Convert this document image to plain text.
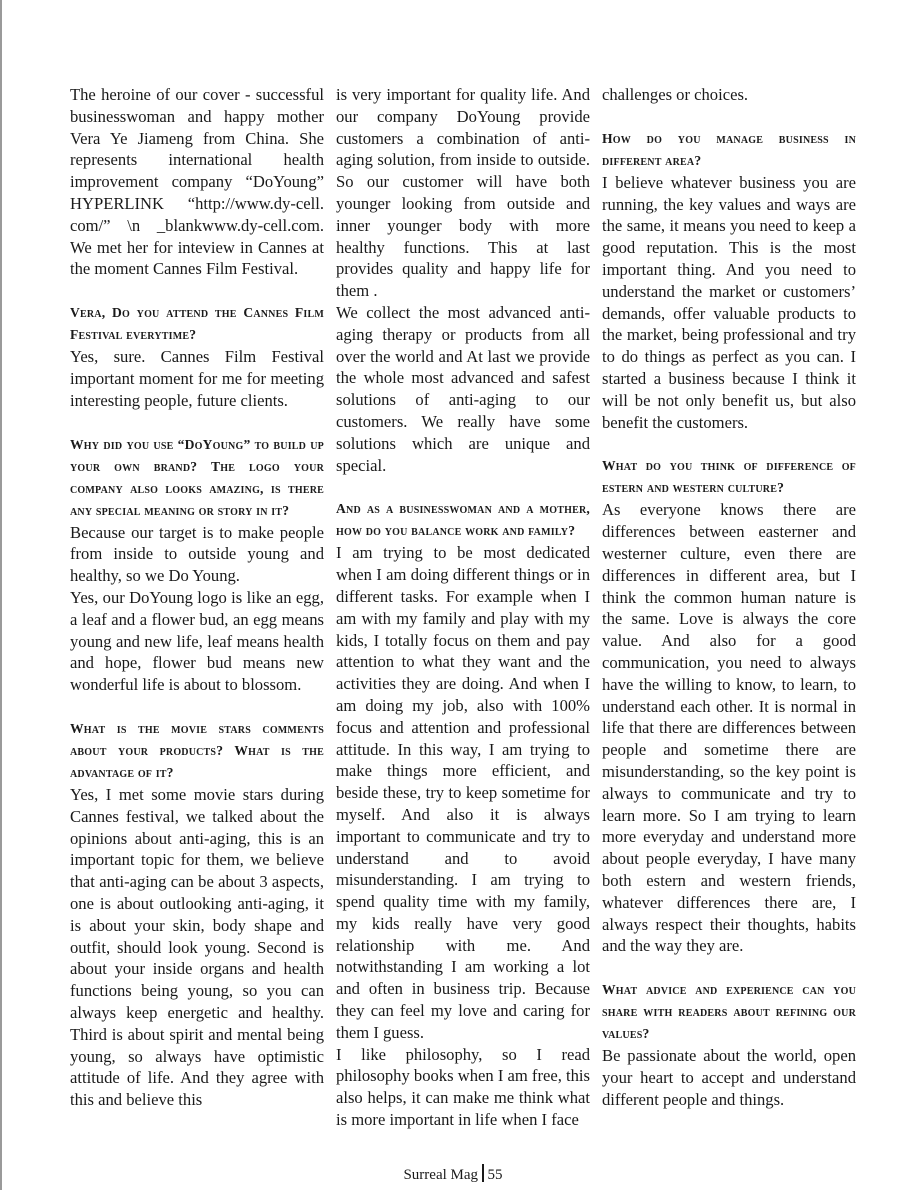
The heroine of our cover - successful businesswoman and happy mother Vera Ye Jiameng from China. She represents international health improvement company “DoYoung” HYPERLINK “http://www.dy-cell. com/” \n _blankwww.dy-cell.com. We met her for inteview in Cannes at the moment Cannes Film Festival.

Vera, Do you attend the Cannes Film Festival everytime?

Yes, sure. Cannes Film Festival important moment for me for meeting interesting people, future clients.

Why did you use “DoYoung” to build up your own brand? The logo your company also looks amazing, is there any special meaning or story in it?

Because our target is to make people from inside to outside young and healthy, so we Do Young.

Yes, our DoYoung logo is like an egg, a leaf and a flower bud, an egg means young and new life, leaf means health and hope, flower bud means new wonderful life is about to blossom.

What is the movie stars comments about your products? What is the advantage of it?

Yes, I met some movie stars during Cannes festival, we talked about the opinions about anti-aging, this is an important topic for them, we believe that anti-aging can be about 3 aspects, one is about outlooking anti-aging, it is about your skin, body shape and outfit, should look young. Second is about your inside organs and health functions being young, so you can always keep energetic and healthy. Third is about spirit and mental being young, so always have optimistic attitude of life. And they agree with this and believe this

is very important for quality life. And our company DoYoung provide customers a combination of anti-aging solution, from inside to outside. So our customer will have both younger looking from outside and inner younger body with more healthy functions. This at last provides quality and happy life for them .

We collect the most advanced anti-aging therapy or products from all over the world and At last we provide the whole most advanced and safest solutions of anti-aging to our customers. We really have some solutions which are unique and special.

And as a businesswoman and a mother, how do you balance work and family?

I am trying to be most dedicated when I am doing different things or in different tasks. For example when I am with my family and play with my kids, I totally focus on them and pay attention to what they want and the activities they are doing. And when I am doing my job, also with 100% focus and attention and professional attitude. In this way, I am trying to make things more efficient, and beside these, try to keep sometime for myself. And also it is always important to communicate and try to understand and to avoid misunderstanding. I am trying to spend quality time with my family, my kids really have very good relationship with me. And notwithstanding I am working a lot and often in business trip. Because they can feel my love and caring for them I guess.

I like philosophy, so I read philosophy books when I am free, this also helps, it can make me think what is more important in life when I face

challenges or choices.

How do you manage business in different area?

I believe whatever business you are running, the key values and ways are the same, it means you need to keep a good reputation. This is the most important thing. And you need to understand the market or customers’ demands, offer valuable products to the market, being professional and try to do things as perfect as you can. I started a business because I think it will be not only benefit us, but also benefit the customers.

What do you think of difference of estern and western culture?

As everyone knows there are differences between easterner and westerner culture, even there are differences in different area, but I think the common human nature is the same. Love is always the core value. And also for a good communication, you need to always have the willing to know, to learn, to understand each other. It is normal in life that there are differences between people and sometime there are misunderstanding, so the key point is always to communicate and try to learn more. So I am trying to learn more everyday and understand more about people everyday, I have many both estern and western friends, whatever differences there are, I always respect their thoughts, habits and the way they are.

What advice and experience can you share with readers about refining our values?

Be passionate about the world, open your heart to accept and understand different people and things.

Surreal Mag 55
